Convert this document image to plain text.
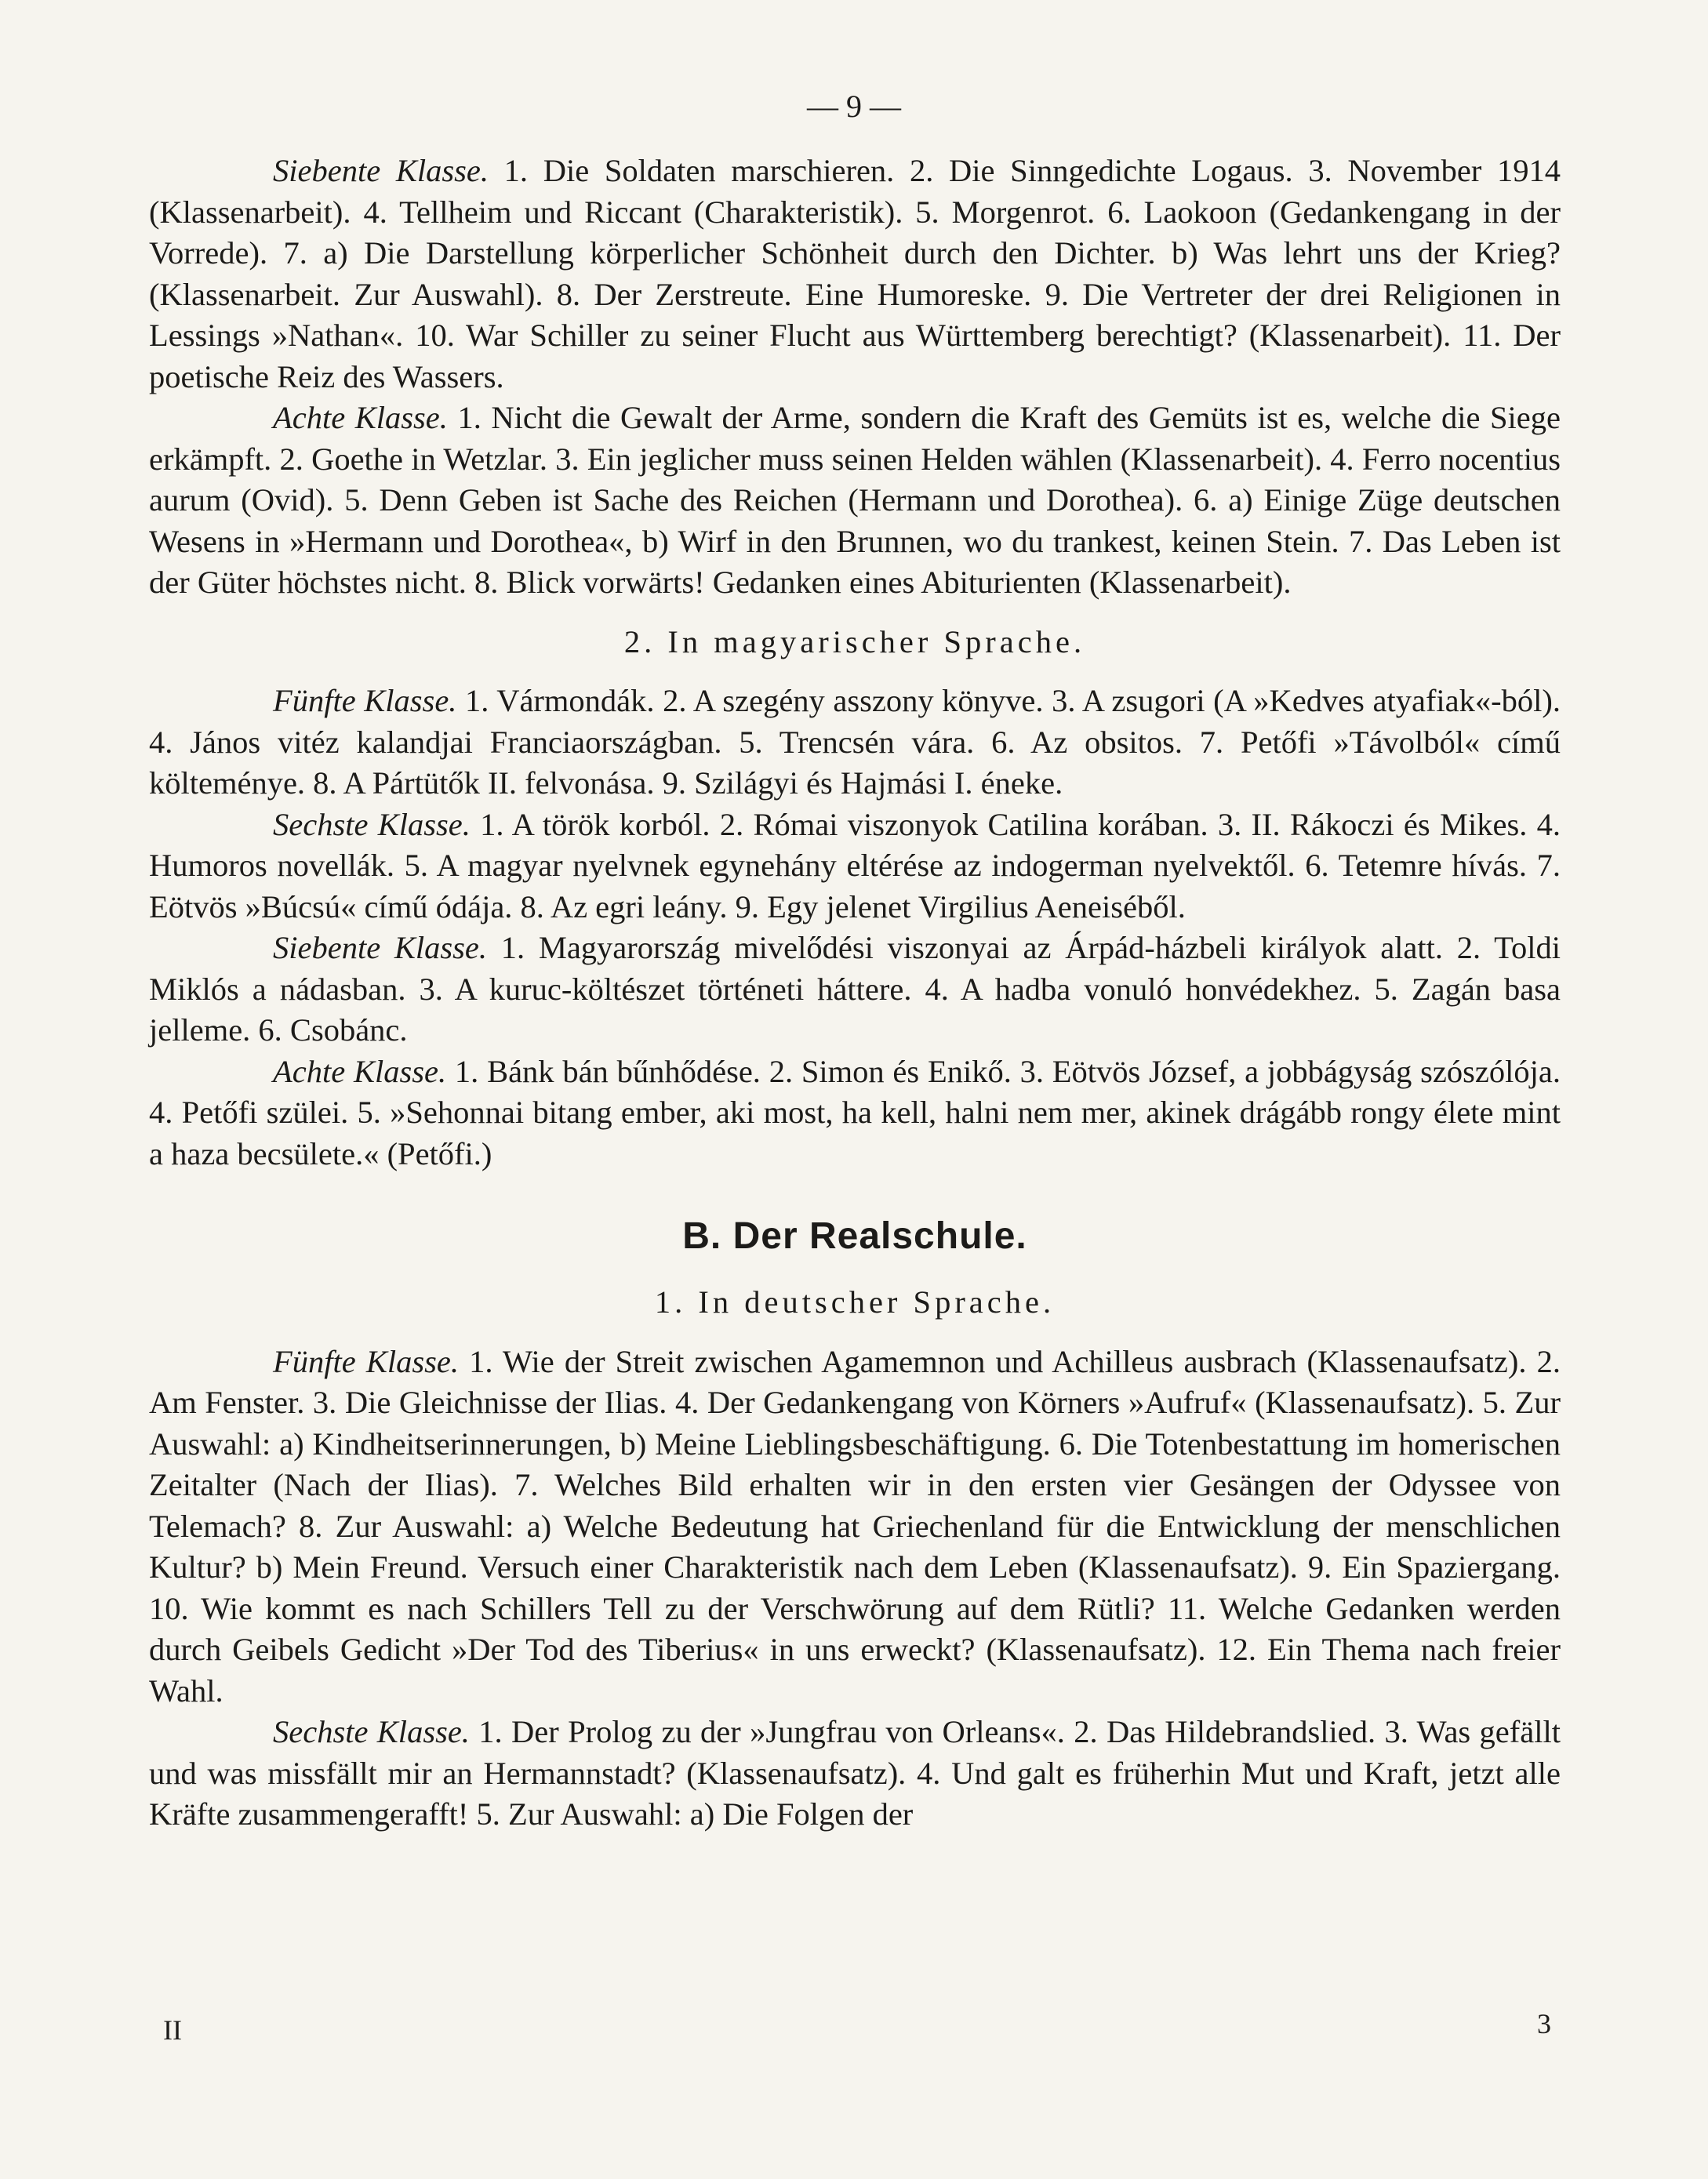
— 9 —

Siebente Klasse. 1. Die Soldaten marschieren. 2. Die Sinngedichte Logaus. 3. November 1914 (Klassenarbeit). 4. Tellheim und Riccant (Charakteristik). 5. Morgenrot. 6. Laokoon (Gedankengang in der Vorrede). 7. a) Die Darstellung körperlicher Schönheit durch den Dichter. b) Was lehrt uns der Krieg? (Klassenarbeit. Zur Auswahl). 8. Der Zerstreute. Eine Humoreske. 9. Die Vertreter der drei Religionen in Lessings »Nathan«. 10. War Schiller zu seiner Flucht aus Württemberg berechtigt? (Klassenarbeit). 11. Der poetische Reiz des Wassers.

Achte Klasse. 1. Nicht die Gewalt der Arme, sondern die Kraft des Gemüts ist es, welche die Siege erkämpft. 2. Goethe in Wetzlar. 3. Ein jeglicher muss seinen Helden wählen (Klassenarbeit). 4. Ferro nocentius aurum (Ovid). 5. Denn Geben ist Sache des Reichen (Hermann und Dorothea). 6. a) Einige Züge deutschen Wesens in »Hermann und Dorothea«, b) Wirf in den Brunnen, wo du trankest, keinen Stein. 7. Das Leben ist der Güter höchstes nicht. 8. Blick vorwärts! Gedanken eines Abiturienten (Klassenarbeit).

2. In magyarischer Sprache.

Fünfte Klasse. 1. Vármondák. 2. A szegény asszony könyve. 3. A zsugori (A »Kedves atyafiak«-ból). 4. János vitéz kalandjai Franciaországban. 5. Trencsén vára. 6. Az obsitos. 7. Petőfi »Távolból« című költeménye. 8. A Pártütők II. felvonása. 9. Szilágyi és Hajmási I. éneke.

Sechste Klasse. 1. A török korból. 2. Római viszonyok Catilina korában. 3. II. Rákoczi és Mikes. 4. Humoros novellák. 5. A magyar nyelvnek egynehány eltérése az indogerman nyelvektől. 6. Tetemre hívás. 7. Eötvös »Búcsú« című ódája. 8. Az egri leány. 9. Egy jelenet Virgilius Aeneiséből.

Siebente Klasse. 1. Magyarország mivelődési viszonyai az Árpád-házbeli királyok alatt. 2. Toldi Miklós a nádasban. 3. A kuruc-költészet történeti háttere. 4. A hadba vonuló honvédekhez. 5. Zagán basa jelleme. 6. Csobánc.

Achte Klasse. 1. Bánk bán bűnhődése. 2. Simon és Enikő. 3. Eötvös József, a jobbágyság szószólója. 4. Petőfi szülei. 5. »Sehonnai bitang ember, aki most, ha kell, halni nem mer, akinek drágább rongy élete mint a haza becsülete.« (Petőfi.)

B. Der Realschule.
1. In deutscher Sprache.

Fünfte Klasse. 1. Wie der Streit zwischen Agamemnon und Achilleus ausbrach (Klassenaufsatz). 2. Am Fenster. 3. Die Gleichnisse der Ilias. 4. Der Gedankengang von Körners »Aufruf« (Klassenaufsatz). 5. Zur Auswahl: a) Kindheitserinnerungen, b) Meine Lieblingsbeschäftigung. 6. Die Totenbestattung im homerischen Zeitalter (Nach der Ilias). 7. Welches Bild erhalten wir in den ersten vier Gesängen der Odyssee von Telemach? 8. Zur Auswahl: a) Welche Bedeutung hat Griechenland für die Entwicklung der menschlichen Kultur? b) Mein Freund. Versuch einer Charakteristik nach dem Leben (Klassenaufsatz). 9. Ein Spaziergang. 10. Wie kommt es nach Schillers Tell zu der Verschwörung auf dem Rütli? 11. Welche Gedanken werden durch Geibels Gedicht »Der Tod des Tiberius« in uns erweckt? (Klassenaufsatz). 12. Ein Thema nach freier Wahl.

Sechste Klasse. 1. Der Prolog zu der »Jungfrau von Orleans«. 2. Das Hildebrandslied. 3. Was gefällt und was missfällt mir an Hermannstadt? (Klassenaufsatz). 4. Und galt es früherhin Mut und Kraft, jetzt alle Kräfte zusammengerafft! 5. Zur Auswahl: a) Die Folgen der

II	3
